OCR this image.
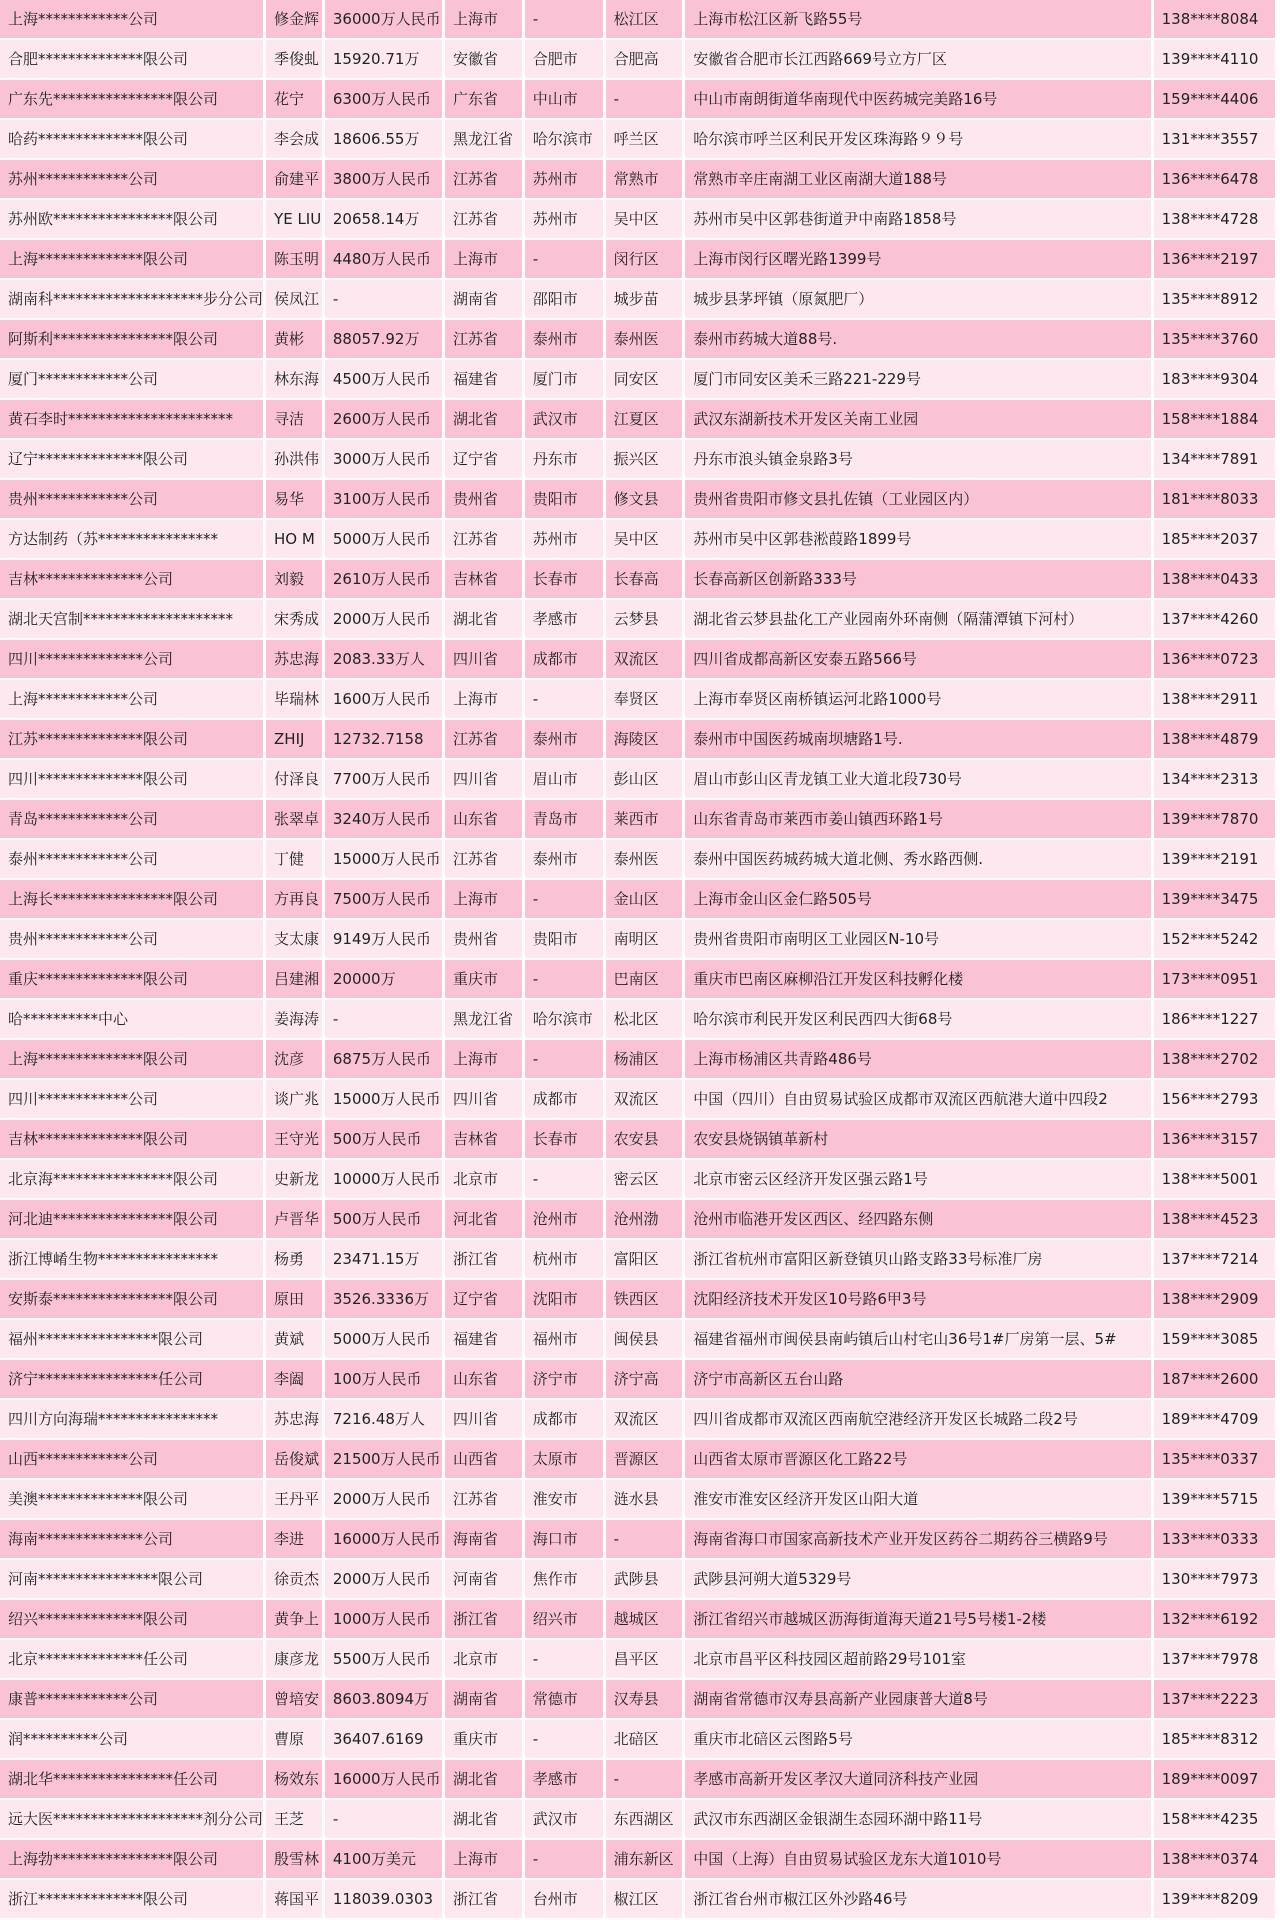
上海************公司	修金辉	36000万人民币	上海市	-	松江区	上海市松江区新飞路55号	138****8084
合肥**************限公司	季俊虬	15920.71万	安徽省	合肥市	合肥高	安徽省合肥市长江西路669号立方厂区	139****4110
广东先****************限公司	花宁	6300万人民币	广东省	中山市	-	中山市南朗街道华南现代中医药城完美路16号	159****4406
哈药**************限公司	李会成	18606.55万	黑龙江省	哈尔滨市	呼兰区	哈尔滨市呼兰区利民开发区珠海路９９号	131****3557
苏州************公司	俞建平	3800万人民币	江苏省	苏州市	常熟市	常熟市辛庄南湖工业区南湖大道188号	136****6478
苏州欧****************限公司	YE LIU	20658.14万	江苏省	苏州市	吴中区	苏州市吴中区郭巷街道尹中南路1858号	138****4728
上海**************限公司	陈玉明	4480万人民币	上海市	-	闵行区	上海市闵行区曙光路1399号	136****2197
湖南科********************步分公司	侯凤江	-	湖南省	邵阳市	城步苗	城步县茅坪镇（原氮肥厂）	135****8912
阿斯利****************限公司	黄彬	88057.92万	江苏省	泰州市	泰州医	泰州市药城大道88号.	135****3760
厦门************公司	林东海	4500万人民币	福建省	厦门市	同安区	厦门市同安区美禾三路221-229号	183****9304
黄石李时**********************	寻洁	2600万人民币	湖北省	武汉市	江夏区	武汉东湖新技术开发区关南工业园	158****1884
辽宁**************限公司	孙洪伟	3000万人民币	辽宁省	丹东市	振兴区	丹东市浪头镇金泉路3号	134****7891
贵州************公司	易华	3100万人民币	贵州省	贵阳市	修文县	贵州省贵阳市修文县扎佐镇（工业园区内）	181****8033
方达制药（苏****************	HO M	5000万人民币	江苏省	苏州市	吴中区	苏州市吴中区郭巷淞葭路1899号	185****2037
吉林**************公司	刘毅	2610万人民币	吉林省	长春市	长春高	长春高新区创新路333号	138****0433
湖北天宫制********************	宋秀成	2000万人民币	湖北省	孝感市	云梦县	湖北省云梦县盐化工产业园南外环南侧（隔蒲潭镇下河村）	137****4260
四川**************公司	苏忠海	2083.33万人	四川省	成都市	双流区	四川省成都高新区安泰五路566号	136****0723
上海************公司	毕瑞林	1600万人民币	上海市	-	奉贤区	上海市奉贤区南桥镇运河北路1000号	138****2911
江苏**************限公司	ZHIJ	12732.7158	江苏省	泰州市	海陵区	泰州市中国医药城南坝塘路1号.	138****4879
四川**************限公司	付泽良	7700万人民币	四川省	眉山市	彭山区	眉山市彭山区青龙镇工业大道北段730号	134****2313
青岛************公司	张翠卓	3240万人民币	山东省	青岛市	莱西市	山东省青岛市莱西市姜山镇西环路1号	139****7870
泰州************公司	丁健	15000万人民币	江苏省	泰州市	泰州医	泰州中国医药城药城大道北侧、秀水路西侧.	139****2191
上海长****************限公司	方再良	7500万人民币	上海市	-	金山区	上海市金山区金仁路505号	139****3475
贵州************公司	支太康	9149万人民币	贵州省	贵阳市	南明区	贵州省贵阳市南明区工业园区N-10号	152****5242
重庆**************限公司	吕建湘	20000万	重庆市	-	巴南区	重庆市巴南区麻柳沿江开发区科技孵化楼	173****0951
哈**********中心	姜海涛	-	黑龙江省	哈尔滨市	松北区	哈尔滨市利民开发区利民西四大街68号	186****1227
上海**************限公司	沈彦	6875万人民币	上海市	-	杨浦区	上海市杨浦区共青路486号	138****2702
四川************公司	谈广兆	15000万人民币	四川省	成都市	双流区	中国（四川）自由贸易试验区成都市双流区西航港大道中四段2	156****2793
吉林**************限公司	王守光	500万人民币	吉林省	长春市	农安县	农安县烧锅镇革新村	136****3157
北京海****************限公司	史新龙	10000万人民币	北京市	-	密云区	北京市密云区经济开发区强云路1号	138****5001
河北迪****************限公司	卢晋华	500万人民币	河北省	沧州市	沧州渤	沧州市临港开发区西区、经四路东侧	138****4523
浙江博崤生物****************	杨勇	23471.15万	浙江省	杭州市	富阳区	浙江省杭州市富阳区新登镇贝山路支路33号标准厂房	137****7214
安斯泰****************限公司	原田	3526.3336万	辽宁省	沈阳市	铁西区	沈阳经济技术开发区10号路6甲3号	138****2909
福州****************限公司	黄斌	5000万人民币	福建省	福州市	闽侯县	福建省福州市闽侯县南屿镇后山村宅山36号1#厂房第一层、5#	159****3085
济宁****************任公司	李阖	100万人民币	山东省	济宁市	济宁高	济宁市高新区五台山路	187****2600
四川方向海瑞****************	苏忠海	7216.48万人	四川省	成都市	双流区	四川省成都市双流区西南航空港经济开发区长城路二段2号	189****4709
山西************公司	岳俊斌	21500万人民币	山西省	太原市	晋源区	山西省太原市晋源区化工路22号	135****0337
美澳**************限公司	王丹平	2000万人民币	江苏省	淮安市	涟水县	淮安市淮安区经济开发区山阳大道	139****5715
海南**************公司	李进	16000万人民币	海南省	海口市	-	海南省海口市国家高新技术产业开发区药谷二期药谷三横路9号	133****0333
河南****************限公司	徐贡杰	2000万人民币	河南省	焦作市	武陟县	武陟县河朔大道5329号	130****7973
绍兴**************限公司	黄争上	1000万人民币	浙江省	绍兴市	越城区	浙江省绍兴市越城区沥海街道海天道21号5号楼1-2楼	132****6192
北京**************任公司	康彦龙	5500万人民币	北京市	-	昌平区	北京市昌平区科技园区超前路29号101室	137****7978
康普************公司	曾培安	8603.8094万	湖南省	常德市	汉寿县	湖南省常德市汉寿县高新产业园康普大道8号	137****2223
润**********公司	曹原	36407.6169	重庆市	-	北碚区	重庆市北碚区云图路5号	185****8312
湖北华****************任公司	杨效东	16000万人民币	湖北省	孝感市	-	孝感市高新开发区孝汉大道同济科技产业园	189****0097
远大医********************剂分公司	王芝	-	湖北省	武汉市	东西湖区	武汉市东西湖区金银湖生态园环湖中路11号	158****4235
上海勃****************限公司	殷雪林	4100万美元	上海市	-	浦东新区	中国（上海）自由贸易试验区龙东大道1010号	138****0374
浙江**************限公司	蒋国平	118039.0303	浙江省	台州市	椒江区	浙江省台州市椒江区外沙路46号	139****8209
